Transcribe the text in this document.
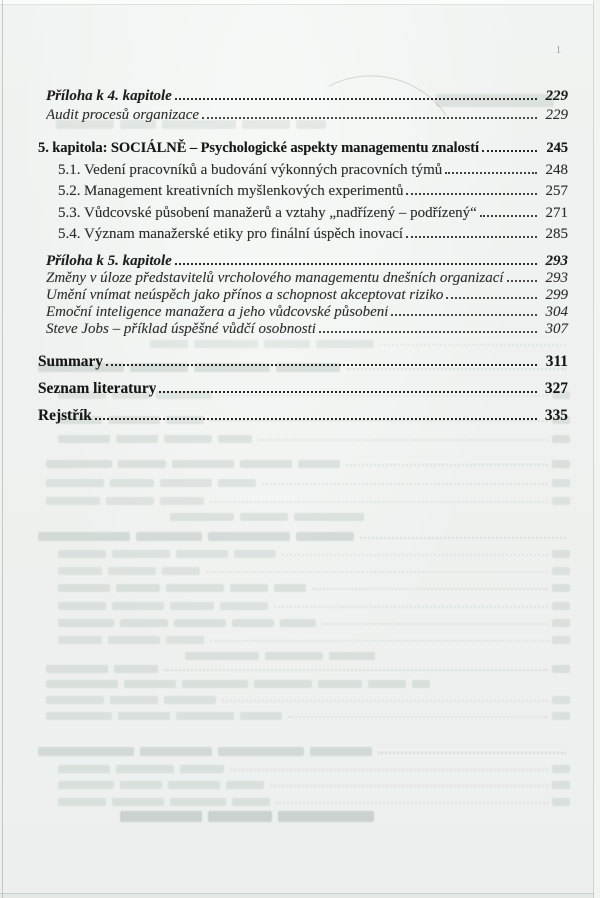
1
Příloha k 4. kapitole	229
Audit procesů organizace	229
5. kapitola: SOCIÁLNĚ – Psychologické aspekty managementu znalostí	245
5.1. Vedení pracovníků a budování výkonných pracovních týmů	248
5.2. Management kreativních myšlenkových experimentů	257
5.3. Vůdcovské působení manažerů a vztahy „nadřízený – podřízený“	271
5.4. Význam manažerské etiky pro finální úspěch inovací	285
Příloha k 5. kapitole	293
Změny v úloze představitelů vrcholového managementu dnešních organizací	293
Umění vnímat neúspěch jako přínos a schopnost akceptovat riziko	299
Emoční inteligence manažera a jeho vůdcovské působení	304
Steve Jobs – příklad úspěšné vůdčí osobnosti	307
Summary	311
Seznam literatury	327
Rejstřík	335
